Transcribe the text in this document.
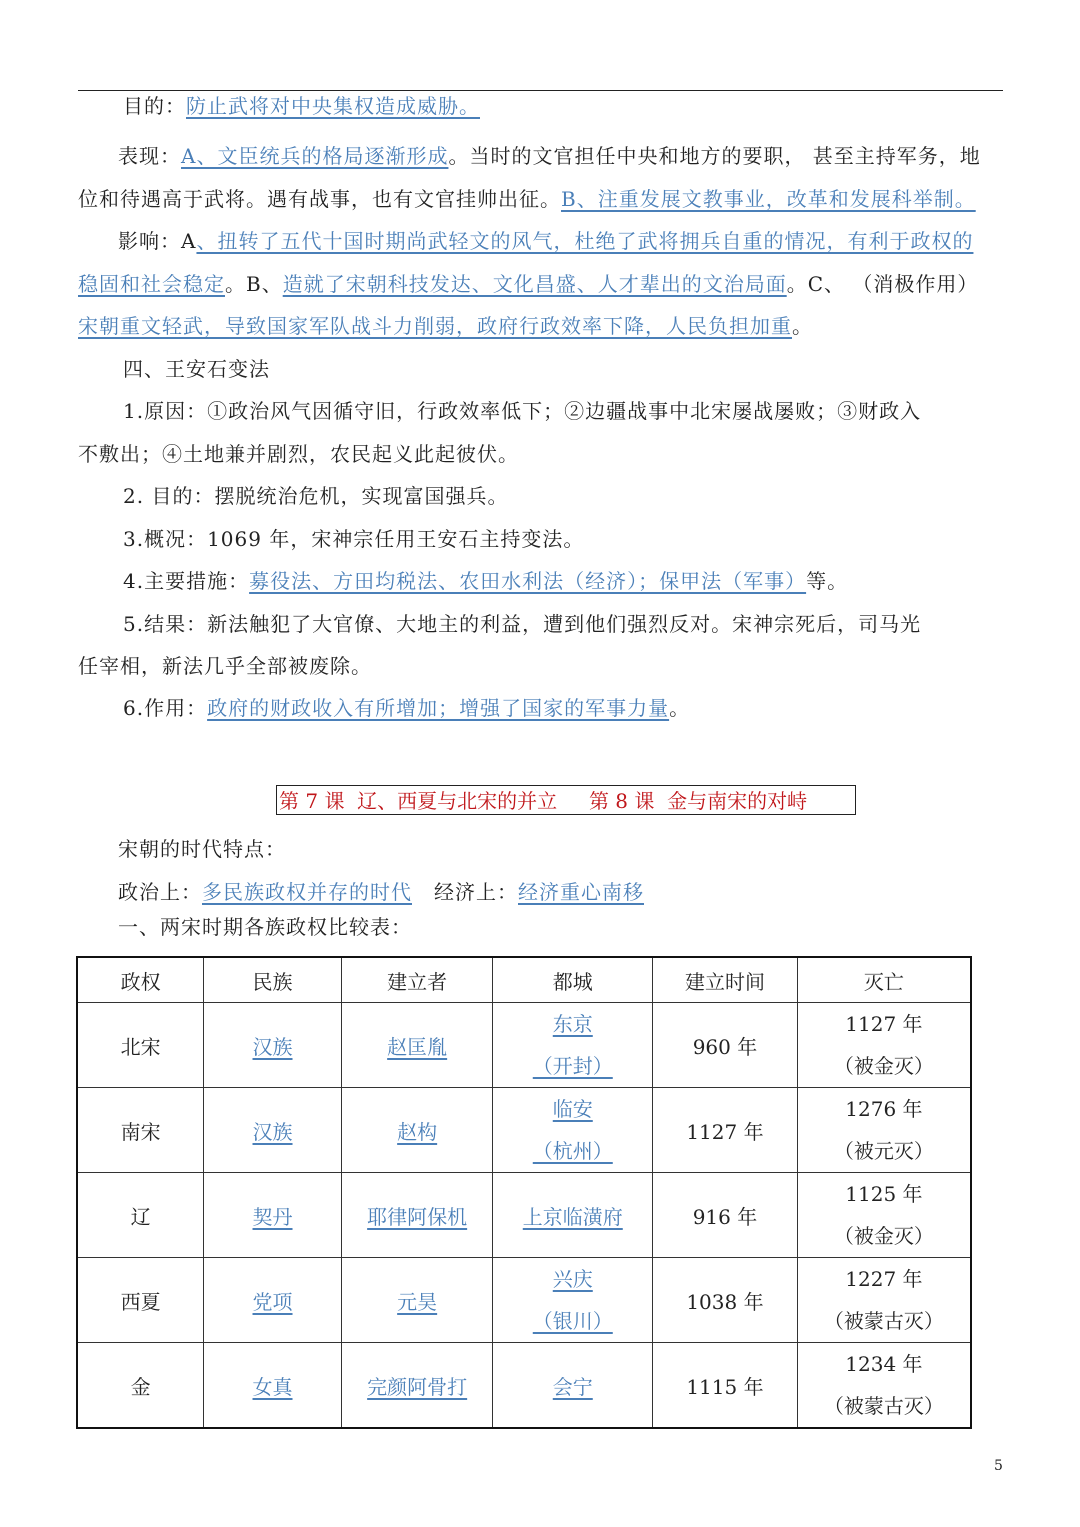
目的：防止武将对中央集权造成威胁。
表现：A、文臣统兵的格局逐渐形成。当时的文官担任中央和地方的要职， 甚至主持军务，地
位和待遇高于武将。遇有战事，也有文官挂帅出征。B、注重发展文教事业，改革和发展科举制。
影响：A、扭转了五代十国时期尚武轻文的风气，杜绝了武将拥兵自重的情况，有利于政权的
稳固和社会稳定。B、造就了宋朝科技发达、文化昌盛、人才辈出的文治局面。C、 （消极作用）
宋朝重文轻武，导致国家军队战斗力削弱，政府行政效率下降，人民负担加重。
四、王安石变法
1.原因：①政治风气因循守旧，行政效率低下；②边疆战事中北宋屡战屡败；③财政入
不敷出；④土地兼并剧烈，农民起义此起彼伏。
2. 目的：摆脱统治危机，实现富国强兵。
3.概况：1069 年，宋神宗任用王安石主持变法。
4.主要措施：募役法、方田均税法、农田水利法（经济）；保甲法（军事）等。
5.结果：新法触犯了大官僚、大地主的利益，遭到他们强烈反对。宋神宗死后，司马光
任宰相，新法几乎全部被废除。
6.作用：政府的财政收入有所增加；增强了国家的军事力量。
第 7 课  辽、西夏与北宋的并立     第 8 课  金与南宋的对峙
宋朝的时代特点：
政治上：多民族政权并存的时代 经济上：经济重心南移
一、两宋时期各族政权比较表：
政权	民族	建立者	都城	建立时间	灭亡
北宋	汉族	赵匡胤	东京
（开封）	960 年	1127 年
（被金灭）
南宋	汉族	赵构	临安
（杭州）	1127 年	1276 年
（被元灭）
辽	契丹	耶律阿保机	上京临潢府	916 年	1125 年
（被金灭）
西夏	党项	元昊	兴庆
（银川）	1038 年	1227 年
（被蒙古灭）
金	女真	完颜阿骨打	会宁	1115 年	1234 年
（被蒙古灭）
5
